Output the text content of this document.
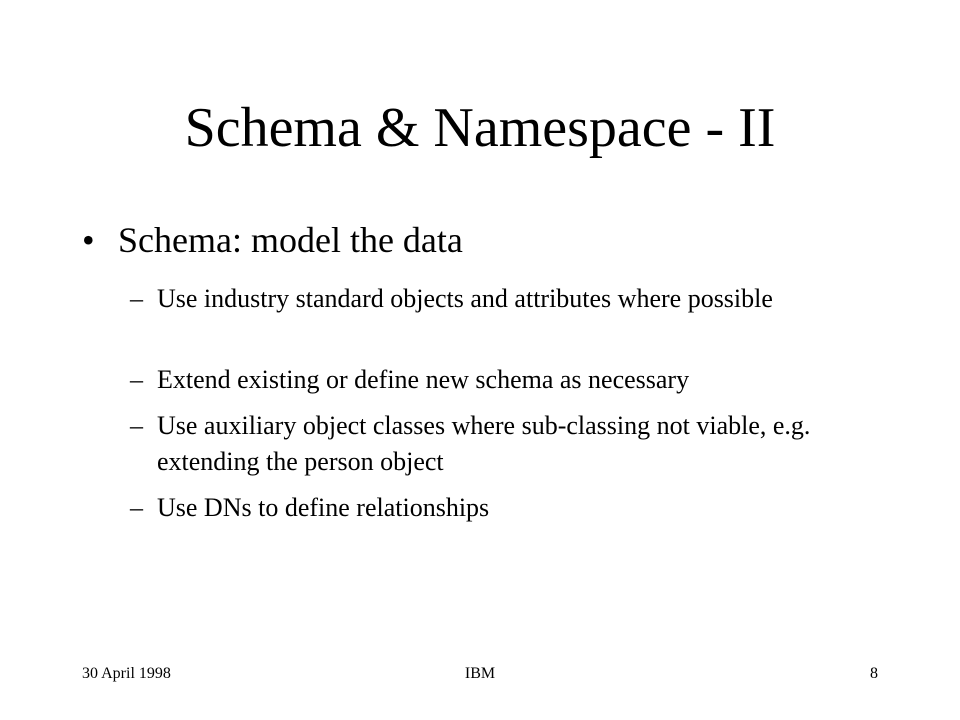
Schema & Namespace - II
• Schema: model the data
– Use industry standard objects and attributes where possible
– Extend existing or define new schema as necessary
– Use auxiliary object classes where sub-classing not viable, e.g. extending the person object
– Use DNs to define relationships
30 April 1998	IBM	8
